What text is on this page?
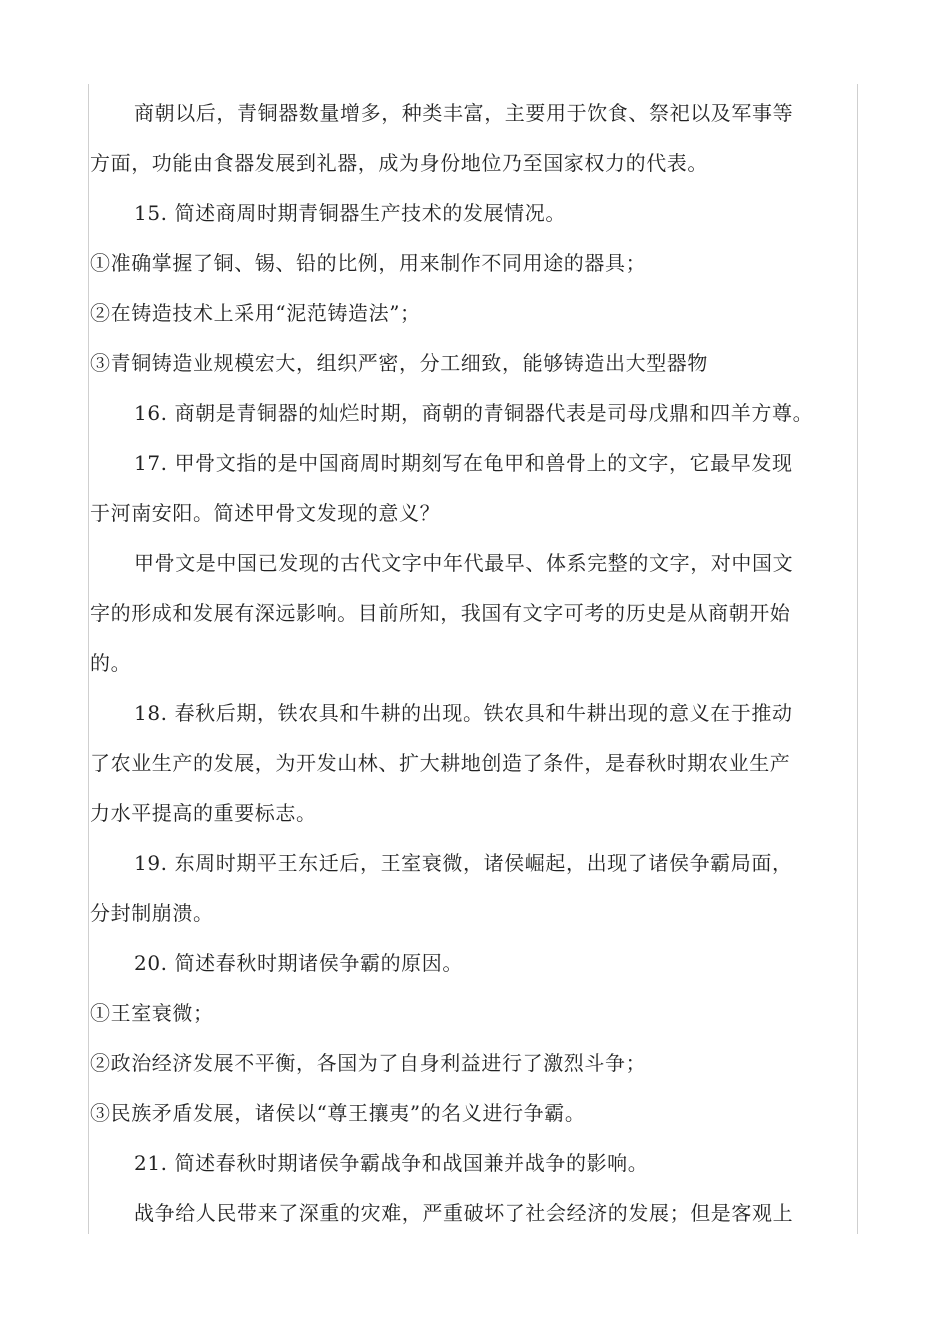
商朝以后，青铜器数量增多，种类丰富，主要用于饮食、祭祀以及军事等

方面，功能由食器发展到礼器，成为身份地位乃至国家权力的代表。

15. 简述商周时期青铜器生产技术的发展情况。

①准确掌握了铜、锡、铅的比例，用来制作不同用途的器具；

②在铸造技术上采用“泥范铸造法”；

③青铜铸造业规模宏大，组织严密，分工细致，能够铸造出大型器物

16. 商朝是青铜器的灿烂时期，商朝的青铜器代表是司母戊鼎和四羊方尊。

17. 甲骨文指的是中国商周时期刻写在龟甲和兽骨上的文字，它最早发现

于河南安阳。简述甲骨文发现的意义？

甲骨文是中国已发现的古代文字中年代最早、体系完整的文字，对中国文

字的形成和发展有深远影响。目前所知，我国有文字可考的历史是从商朝开始

的。

18. 春秋后期，铁农具和牛耕的出现。铁农具和牛耕出现的意义在于推动

了农业生产的发展，为开发山林、扩大耕地创造了条件，是春秋时期农业生产

力水平提高的重要标志。

19. 东周时期平王东迁后，王室衰微，诸侯崛起，出现了诸侯争霸局面，

分封制崩溃。

20. 简述春秋时期诸侯争霸的原因。

①王室衰微；

②政治经济发展不平衡，各国为了自身利益进行了激烈斗争；

③民族矛盾发展，诸侯以“尊王攘夷”的名义进行争霸。

21. 简述春秋时期诸侯争霸战争和战国兼并战争的影响。

战争给人民带来了深重的灾难，严重破坏了社会经济的发展；但是客观上
